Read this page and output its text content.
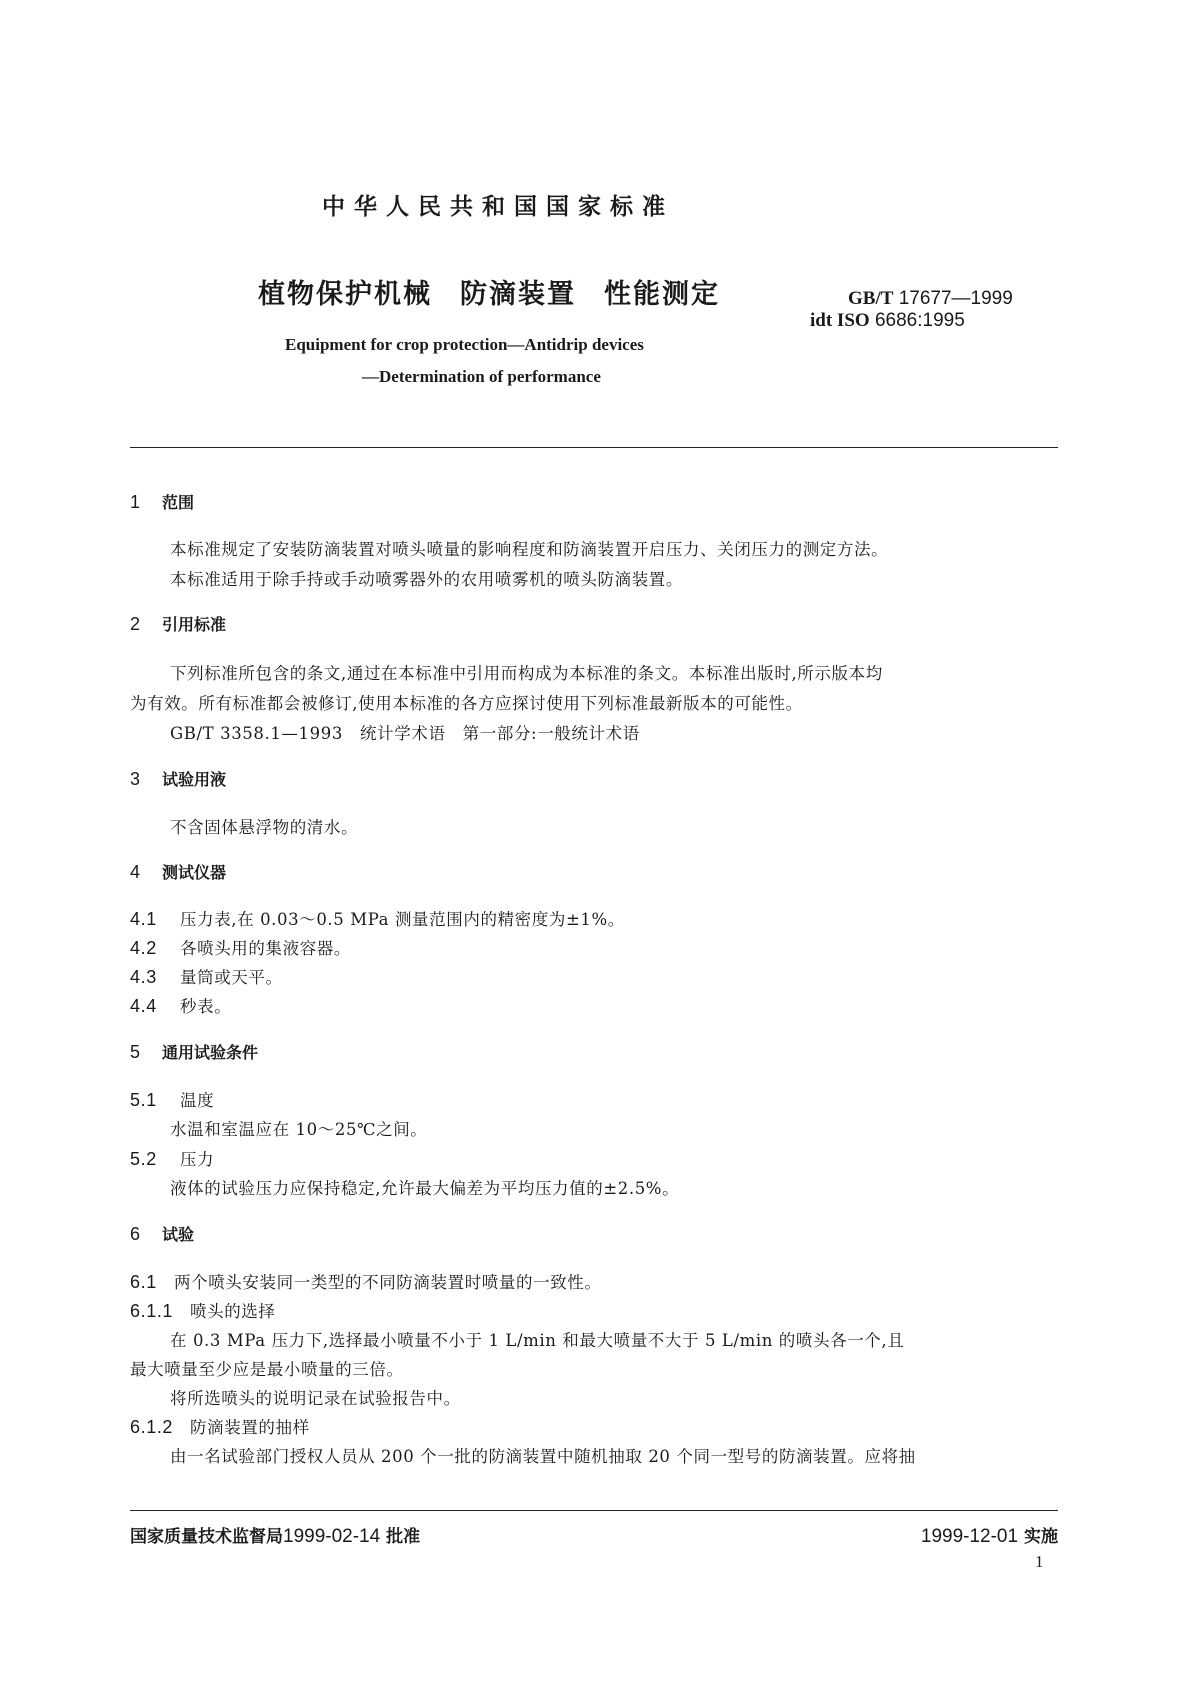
中华人民共和国国家标准
植物保护机械 防滴装置 性能测定	GB/T 17677—1999
idt ISO 6686:1995
Equipment for crop protection—Antidrip devices
—Determination of performance
1 范围
本标准规定了安装防滴装置对喷头喷量的影响程度和防滴装置开启压力、关闭压力的测定方法。
本标准适用于除手持或手动喷雾器外的农用喷雾机的喷头防滴装置。
2 引用标准
下列标准所包含的条文,通过在本标准中引用而构成为本标准的条文。本标准出版时,所示版本均
为有效。所有标准都会被修订,使用本标准的各方应探讨使用下列标准最新版本的可能性。
GB/T 3358.1—1993　统计学术语　第一部分:一般统计术语
3 试验用液
不含固体悬浮物的清水。
4 测试仪器
4.1 压力表,在 0.03～0.5 MPa 测量范围内的精密度为±1%。
4.2 各喷头用的集液容器。
4.3 量筒或天平。
4.4 秒表。
5 通用试验条件
5.1 温度
水温和室温应在 10～25℃之间。
5.2 压力
液体的试验压力应保持稳定,允许最大偏差为平均压力值的±2.5%。
6 试验
6.1 两个喷头安装同一类型的不同防滴装置时喷量的一致性。
6.1.1 喷头的选择
在 0.3 MPa 压力下,选择最小喷量不小于 1 L/min 和最大喷量不大于 5 L/min 的喷头各一个,且
最大喷量至少应是最小喷量的三倍。
将所选喷头的说明记录在试验报告中。
6.1.2 防滴装置的抽样
由一名试验部门授权人员从 200 个一批的防滴装置中随机抽取 20 个同一型号的防滴装置。应将抽
国家质量技术监督局1999-02-14 批准	1999-12-01 实施
1
